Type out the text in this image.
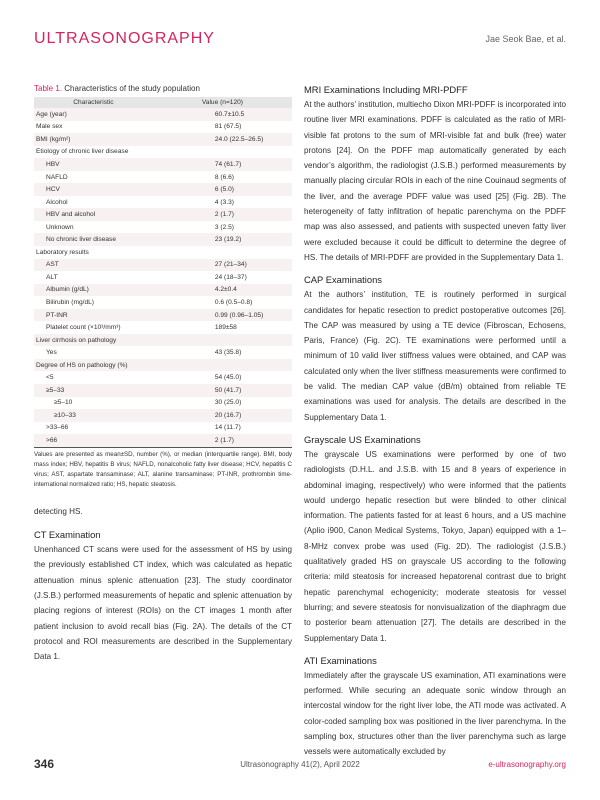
ULTRASONOGRAPHY	Jae Seok Bae, et al.
Table 1. Characteristics of the study population
Characteristic	Value (n=120)
Age (year)	60.7±10.5
Male sex	81 (67.5)
BMI (kg/m²)	24.0 (22.5–26.5)
Etiology of chronic liver disease	
HBV	74 (61.7)
NAFLD	8 (6.6)
HCV	6 (5.0)
Alcohol	4 (3.3)
HBV and alcohol	2 (1.7)
Unknown	3 (2.5)
No chronic liver disease	23 (19.2)
Laboratory results	
AST	27 (21–34)
ALT	24 (18–37)
Albumin (g/dL)	4.2±0.4
Bilirubin (mg/dL)	0.6 (0.5–0.8)
PT-INR	0.99 (0.96–1.05)
Platelet count (×10³/mm³)	189±58
Liver cirrhosis on pathology	
Yes	43 (35.8)
Degree of HS on pathology (%)	
<5	54 (45.0)
≥5–33	50 (41.7)
≥5–10	30 (25.0)
≥10–33	20 (16.7)
>33–66	14 (11.7)
>66	2 (1.7)
Values are presented as mean±SD, number (%), or median (interquartile range). BMI, body mass index; HBV, hepatitis B virus; NAFLD, nonalcoholic fatty liver disease; HCV, hepatitis C virus; AST, aspartate transaminase; ALT, alanine transaminase; PT-INR, prothrombin time-international normalized ratio; HS, hepatic steatosis.

detecting HS.

CT Examination

Unenhanced CT scans were used for the assessment of HS by using the previously established CT index, which was calculated as hepatic attenuation minus splenic attenuation [23]. The study coordinator (J.S.B.) performed measurements of hepatic and splenic attenuation by placing regions of interest (ROIs) on the CT images 1 month after patient inclusion to avoid recall bias (Fig. 2A). The details of the CT protocol and ROI measurements are described in the Supplementary Data 1.

MRI Examinations Including MRI-PDFF

At the authors’ institution, multiecho Dixon MRI-PDFF is incorporated into routine liver MRI examinations. PDFF is calculated as the ratio of MRI-visible fat protons to the sum of MRI-visible fat and bulk (free) water protons [24]. On the PDFF map automatically generated by each vendor’s algorithm, the radiologist (J.S.B.) performed measurements by manually placing circular ROIs in each of the nine Couinaud segments of the liver, and the average PDFF value was used [25] (Fig. 2B). The heterogeneity of fatty infiltration of hepatic parenchyma on the PDFF map was also assessed, and patients with suspected uneven fatty liver were excluded because it could be difficult to determine the degree of HS. The details of MRI-PDFF are provided in the Supplementary Data 1.

CAP Examinations

At the authors’ institution, TE is routinely performed in surgical candidates for hepatic resection to predict postoperative outcomes [26]. The CAP was measured by using a TE device (Fibroscan, Echosens, Paris, France) (Fig. 2C). TE examinations were performed until a minimum of 10 valid liver stiffness values were obtained, and CAP was calculated only when the liver stiffness measurements were confirmed to be valid. The median CAP value (dB/m) obtained from reliable TE examinations was used for analysis. The details are described in the Supplementary Data 1.

Grayscale US Examinations

The grayscale US examinations were performed by one of two radiologists (D.H.L. and J.S.B. with 15 and 8 years of experience in abdominal imaging, respectively) who were informed that the patients would undergo hepatic resection but were blinded to other clinical information. The patients fasted for at least 6 hours, and a US machine (Aplio i900, Canon Medical Systems, Tokyo, Japan) equipped with a 1–8-MHz convex probe was used (Fig. 2D). The radiologist (J.S.B.) qualitatively graded HS on grayscale US according to the following criteria: mild steatosis for increased hepatorenal contrast due to bright hepatic parenchymal echogenicity; moderate steatosis for vessel blurring; and severe steatosis for nonvisualization of the diaphragm due to posterior beam attenuation [27]. The details are described in the Supplementary Data 1.

ATI Examinations

Immediately after the grayscale US examination, ATI examinations were performed. While securing an adequate sonic window through an intercostal window for the right liver lobe, the ATI mode was activated. A color-coded sampling box was positioned in the liver parenchyma. In the sampling box, structures other than the liver parenchyma such as large vessels were automatically excluded by

346	Ultrasonography 41(2), April 2022	e-ultrasonography.org
